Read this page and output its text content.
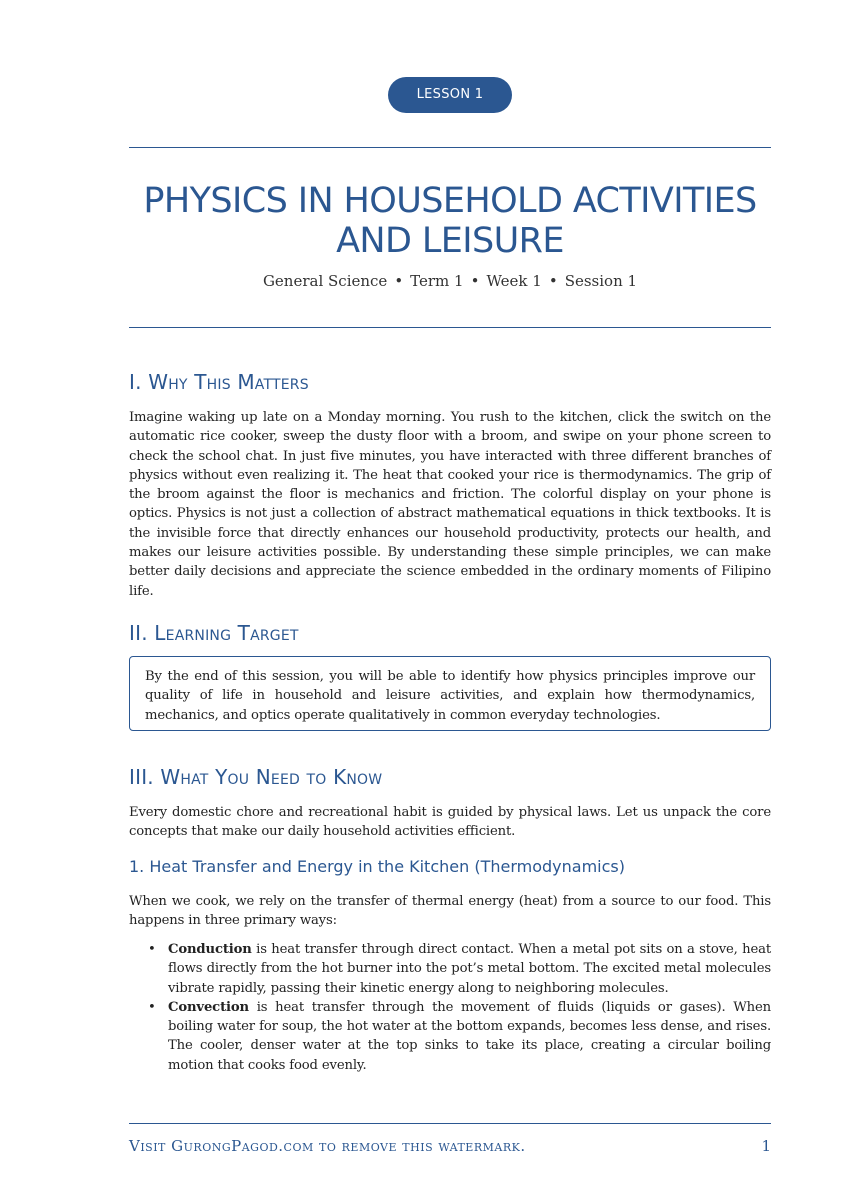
LESSON 1
PHYSICS IN HOUSEHOLD ACTIVITIES
AND LEISURE
General Science • Term 1 • Week 1 • Session 1
I. Why This Matters

Imagine waking up late on a Monday morning. You rush to the kitchen, click the switch on the automatic rice cooker, sweep the dusty floor with a broom, and swipe on your phone screen to check the school chat. In just five minutes, you have interacted with three different branches of physics without even realizing it. The heat that cooked your rice is thermodynamics. The grip of the broom against the floor is mechanics and friction. The colorful display on your phone is optics. Physics is not just a collection of abstract mathematical equations in thick textbooks. It is the invisible force that directly enhances our household productivity, protects our health, and makes our leisure activities possible. By understanding these simple principles, we can make better daily decisions and appreciate the science embedded in the ordinary moments of Filipino life.

II. Learning Target

By the end of this session, you will be able to identify how physics principles improve our quality of life in household and leisure activities, and explain how thermodynamics, mechanics, and optics operate qualitatively in common everyday technologies.

III. What You Need to Know

Every domestic chore and recreational habit is guided by physical laws. Let us unpack the core concepts that make our daily household activities efficient.

1. Heat Transfer and Energy in the Kitchen (Thermodynamics)

When we cook, we rely on the transfer of thermal energy (heat) from a source to our food. This happens in three primary ways:

• Conduction is heat transfer through direct contact. When a metal pot sits on a stove, heat flows directly from the hot burner into the pot’s metal bottom. The excited metal molecules vibrate rapidly, passing their kinetic energy along to neighboring molecules.
• Convection is heat transfer through the movement of fluids (liquids or gases). When boiling water for soup, the hot water at the bottom expands, becomes less dense, and rises. The cooler, denser water at the top sinks to take its place, creating a circular boiling motion that cooks food evenly.
Visit GurongPagod.com to remove this watermark.	1
